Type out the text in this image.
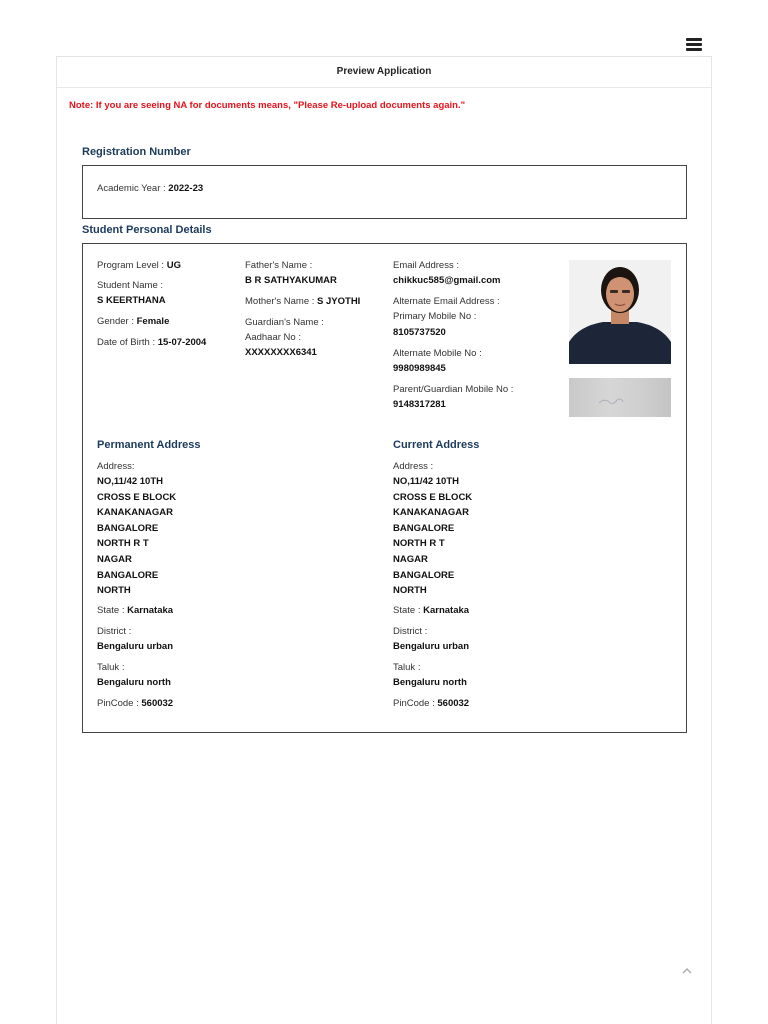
Preview Application
Note: If you are seeing NA for documents means, "Please Re-upload documents again."
Registration Number
Academic Year : 2022-23
Student Personal Details
Program Level : UG
Student Name :
S KEERTHANA
Gender : Female
Date of Birth : 15-07-2004
Father's Name :
B R SATHYAKUMAR
Mother's Name : S JYOTHI
Guardian's Name :
Aadhaar No :
XXXXXXXX6341
Email Address :
chikkuc585@gmail.com
Alternate Email Address :
Primary Mobile No :
8105737520
Alternate Mobile No :
9980989845
Parent/Guardian Mobile No :
9148317281
Permanent Address
Address:
NO,11/42 10TH
CROSS E BLOCK
KANAKANAGAR
BANGALORE
NORTH R T
NAGAR
BANGALORE
NORTH
State : Karnataka
District :
Bengaluru urban
Taluk :
Bengaluru north
PinCode : 560032
Current Address
Address :
NO,11/42 10TH
CROSS E BLOCK
KANAKANAGAR
BANGALORE
NORTH R T
NAGAR
BANGALORE
NORTH
State : Karnataka
District :
Bengaluru urban
Taluk :
Bengaluru north
PinCode : 560032
